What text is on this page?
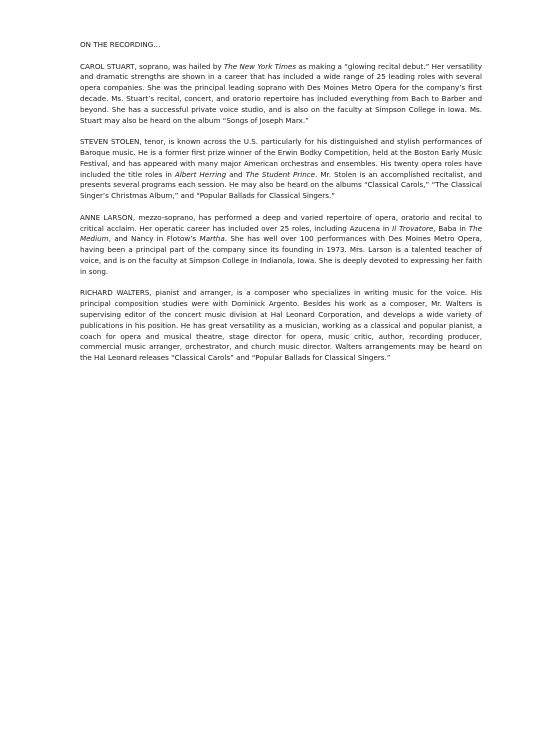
ON THE RECORDING…

CAROL STUART, soprano, was hailed by The New York Times as making a “glowing recital debut.” Her versatility and dramatic strengths are shown in a career that has included a wide range of 25 leading roles with several opera companies. She was the principal leading soprano with Des Moines Metro Opera for the company’s first decade. Ms. Stuart’s recital, concert, and oratorio repertoire has included everything from Bach to Barber and beyond. She has a successful private voice studio, and is also on the faculty at Simpson College in Iowa. Ms. Stuart may also be heard on the album “Songs of Joseph Marx.”

STEVEN STOLEN, tenor, is known across the U.S. particularly for his distinguished and stylish performances of Baroque music. He is a former first prize winner of the Erwin Bodky Competition, held at the Boston Early Music Festival, and has appeared with many major American orchestras and ensembles. His twenty opera roles have included the title roles in Albert Herring and The Student Prince. Mr. Stolen is an accomplished recitalist, and presents several programs each session. He may also be heard on the albums “Classical Carols,” “The Classical Singer’s Christmas Album,” and “Popular Ballads for Classical Singers.”

ANNE LARSON, mezzo-soprano, has performed a deep and varied repertoire of opera, oratorio and recital to critical acclaim. Her operatic career has included over 25 roles, including Azucena in Il Trovatore, Baba in The Medium, and Nancy in Flotow’s Martha. She has well over 100 performances with Des Moines Metro Opera, having been a principal part of the company since its founding in 1973. Mrs. Larson is a talented teacher of voice, and is on the faculty at Simpson College in Indianola, Iowa. She is deeply devoted to expressing her faith in song.

RICHARD WALTERS, pianist and arranger, is a composer who specializes in writing music for the voice. His principal composition studies were with Dominick Argento. Besides his work as a composer, Mr. Walters is supervising editor of the concert music division at Hal Leonard Corporation, and develops a wide variety of publications in his position. He has great versatility as a musician, working as a classical and popular pianist, a coach for opera and musical theatre, stage director for opera, music critic, author, recording producer, commercial music arranger, orchestrator, and church music director. Walters arrangements may be heard on the Hal Leonard releases “Classical Carols” and “Popular Ballads for Classical Singers.”
